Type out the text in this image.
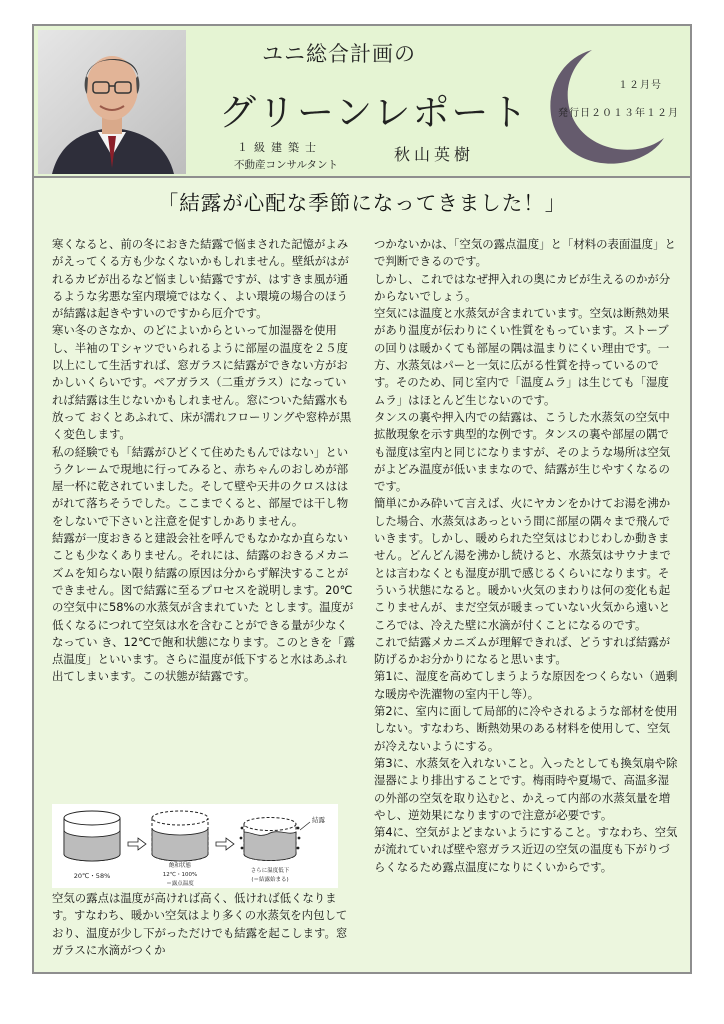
ユニ総合計画の
グリーンレポート
１級建築士
不動産コンサルタント
秋山英樹
１２月号
発行日２０１３年１２月
「結露が心配な季節になってきました！」

寒くなると、前の冬におきた結露で悩まされた記憶がよみがえってくる方も少なくないかもしれません。壁紙がはがれるカビが出るなど悩ましい結露ですが、はすきま風が通るような劣悪な室内環境ではなく、よい環境の場合のほうが結露は起きやすいのですから厄介です。

寒い冬のさなか、のどによいからといって加湿器を使用し、半袖のＴシャツでいられるように部屋の温度を２５度以上にして生活すれば、窓ガラスに結露ができない方がおかしいくらいです。ペアガラス（二重ガラス）になっていれば結露は生じないかもしれません。窓についた結露水も放って おくとあふれて、床が濡れフローリングや窓枠が黒く変色します。

私の経験でも「結露がひどくて住めたもんではない」というクレームで現地に行ってみると、赤ちゃんのおしめが部屋一杯に乾されていました。そして壁や天井のクロスははがれて落ちそうでした。ここまでくると、部屋では干し物をしないで下さいと注意を促すしかありません。

結露が一度おきると建設会社を呼んでもなかなか直らないことも少なくありません。それには、結露のおきるメカニズムを知らない限り結露の原因は分からず解決することができません。図で結露に至るプロセスを説明します。20℃の空気中に58%の水蒸気が含まれていた とします。温度が低くなるにつれて空気は水を含むことができる量が少なくなってい き、12℃で飽和状態になります。このときを「露点温度」といいます。さらに温度が低下すると水はあふれ出てしまいます。この状態が結露です。

20℃・58%
飽和状態
12℃・100%
＝露点温度
結露
さらに温度低下
(＝結露始まる)

空気の露点は温度が高ければ高く、低ければ低くなります。すなわち、暖かい空気はより多くの水蒸気を内包しており、温度が少し下がっただけでも結露を起こします。窓ガラスに水滴がつくか

つかないかは、「空気の露点温度」と「材料の表面温度」とで判断できるのです。

しかし、これではなぜ押入れの奥にカビが生えるのかが分からないでしょう。

空気には温度と水蒸気が含まれています。空気は断熱効果があり温度が伝わりにくい性質をもっています。ストーブの回りは暖かくても部屋の隅は温まりにくい理由です。一方、水蒸気はパーと一気に広がる性質を持っているのです。そのため、同じ室内で「温度ムラ」は生じても「湿度ムラ」はほとんど生じないのです。

タンスの裏や押入内での結露は、こうした水蒸気の空気中拡散現象を示す典型的な例です。タンスの裏や部屋の隅でも湿度は室内と同じになりますが、そのような場所は空気がよどみ温度が低いままなので、結露が生じやすくなるのです。

簡単にかみ砕いて言えば、火にヤカンをかけてお湯を沸かした場合、水蒸気はあっという間に部屋の隅々まで飛んでいきます。しかし、暖められた空気はじわじわしか動きません。どんどん湯を沸かし続けると、水蒸気はサウナまでとは言わなくとも湿度が肌で感じるくらいになります。そういう状態になると。暖かい火気のまわりは何の変化も起こりませんが、まだ空気が暖まっていない火気から遠いところでは、冷えた壁に水滴が付くことになるのです。

これで結露メカニズムが理解できれば、どうすれば結露が防げるかお分かりになると思います。

第1に、湿度を高めてしまうような原因をつくらない（過剰な暖房や洗濯物の室内干し等）。

第2に、室内に面して局部的に冷やされるような部材を使用しない。すなわち、断熱効果のある材料を使用して、空気が冷えないようにする。

第3に、水蒸気を入れないこと。入ったとしても換気扇や除湿器により排出することです。梅雨時や夏場で、高温多湿の外部の空気を取り込むと、かえって内部の水蒸気量を増やし、逆効果になりますので注意が必要です。

第4に、空気がよどまないようにすること。すなわち、空気が流れていれば壁や窓ガラス近辺の空気の温度も下がりづらくなるため露点温度になりにくいからです。
